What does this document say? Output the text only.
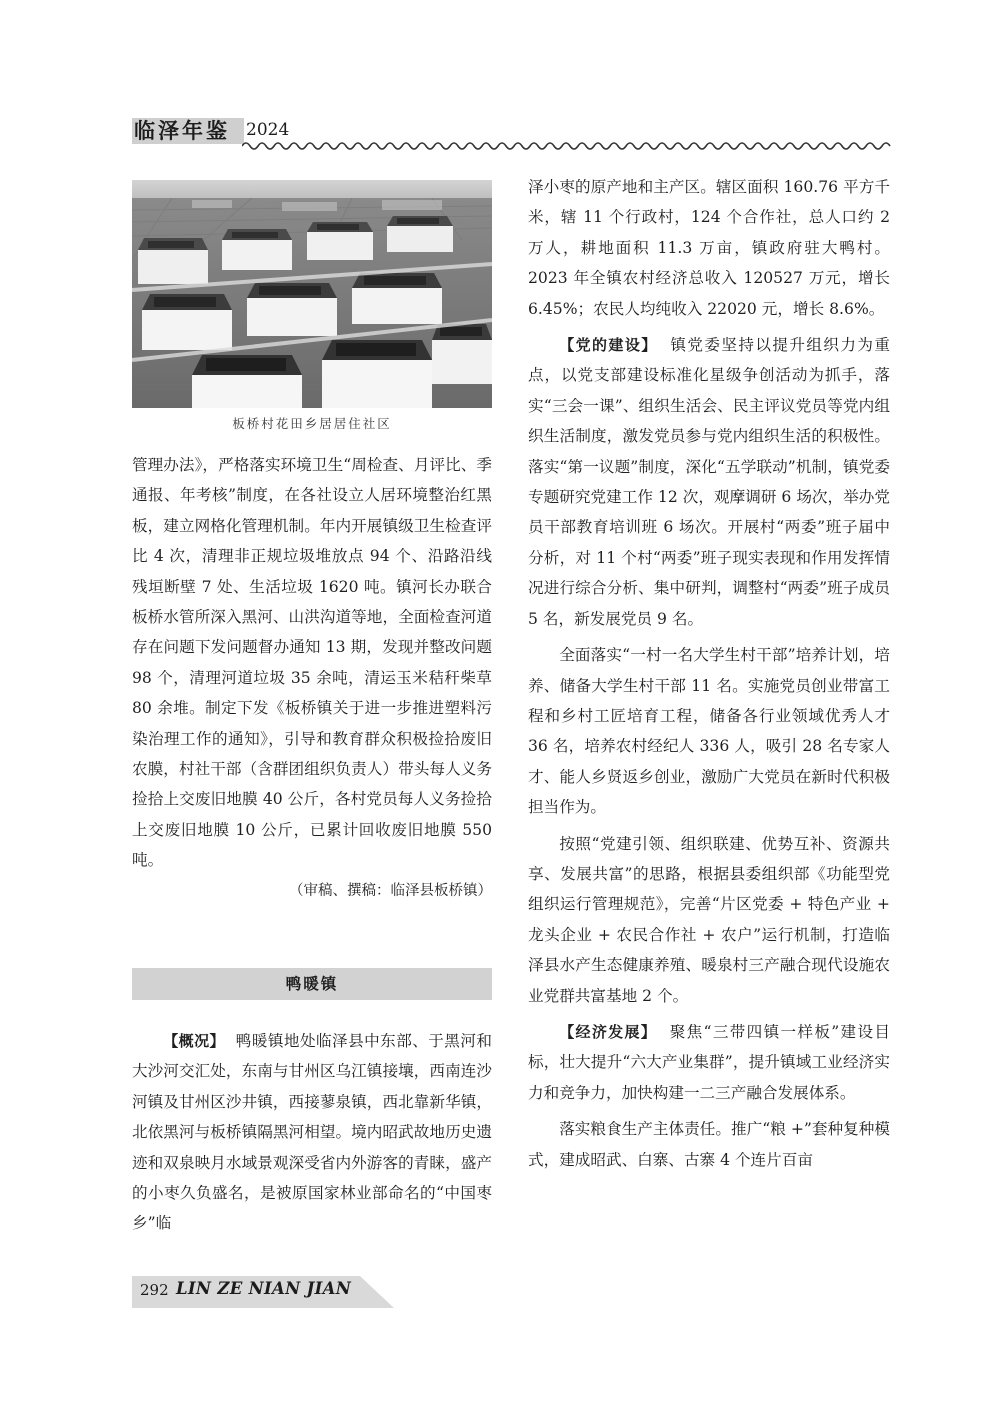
临泽年鉴 2024
板桥村花田乡居居住社区

管理办法》，严格落实环境卫生“周检查、月评比、季通报、年考核”制度，在各社设立人居环境整治红黑板，建立网格化管理机制。年内开展镇级卫生检查评比 4 次，清理非正规垃圾堆放点 94 个、沿路沿线残垣断壁 7 处、生活垃圾 1620 吨。镇河长办联合板桥水管所深入黑河、山洪沟道等地，全面检查河道存在问题下发问题督办通知 13 期，发现并整改问题 98 个，清理河道垃圾 35 余吨，清运玉米秸秆柴草 80 余堆。制定下发《板桥镇关于进一步推进塑料污染治理工作的通知》，引导和教育群众积极捡拾废旧农膜，村社干部（含群团组织负责人）带头每人义务捡拾上交废旧地膜 40 公斤，各村党员每人义务捡拾上交废旧地膜 10 公斤，已累计回收废旧地膜 550 吨。

（审稿、撰稿：临泽县板桥镇）

鸭暖镇

【概况】 鸭暖镇地处临泽县中东部、于黑河和大沙河交汇处，东南与甘州区乌江镇接壤，西南连沙河镇及甘州区沙井镇，西接蓼泉镇，西北靠新华镇，北依黑河与板桥镇隔黑河相望。境内昭武故地历史遗迹和双泉映月水域景观深受省内外游客的青睐，盛产的小枣久负盛名，是被原国家林业部命名的“中国枣乡”临

泽小枣的原产地和主产区。辖区面积 160.76 平方千米，辖 11 个行政村，124 个合作社，总人口约 2 万人，耕地面积 11.3 万亩，镇政府驻大鸭村。2023 年全镇农村经济总收入 120527 万元，增长 6.45%；农民人均纯收入 22020 元，增长 8.6%。

【党的建设】 镇党委坚持以提升组织力为重点，以党支部建设标准化星级争创活动为抓手，落实“三会一课”、组织生活会、民主评议党员等党内组织生活制度，激发党员参与党内组织生活的积极性。落实“第一议题”制度，深化“五学联动”机制，镇党委专题研究党建工作 12 次，观摩调研 6 场次，举办党员干部教育培训班 6 场次。开展村“两委”班子届中分析，对 11 个村“两委”班子现实表现和作用发挥情况进行综合分析、集中研判，调整村“两委”班子成员 5 名，新发展党员 9 名。

全面落实“一村一名大学生村干部”培养计划，培养、储备大学生村干部 11 名。实施党员创业带富工程和乡村工匠培育工程，储备各行业领域优秀人才 36 名，培养农村经纪人 336 人，吸引 28 名专家人才、能人乡贤返乡创业，激励广大党员在新时代积极担当作为。

按照“党建引领、组织联建、优势互补、资源共享、发展共富”的思路，根据县委组织部《功能型党组织运行管理规范》，完善“片区党委 + 特色产业 + 龙头企业 + 农民合作社 + 农户”运行机制，打造临泽县水产生态健康养殖、暖泉村三产融合现代设施农业党群共富基地 2 个。

【经济发展】 聚焦“三带四镇一样板”建设目标，壮大提升“六大产业集群”，提升镇域工业经济实力和竞争力，加快构建一二三产融合发展体系。

落实粮食生产主体责任。推广“粮 +”套种复种模式，建成昭武、白寨、古寨 4 个连片百亩

292 LIN ZE NIAN JIAN
